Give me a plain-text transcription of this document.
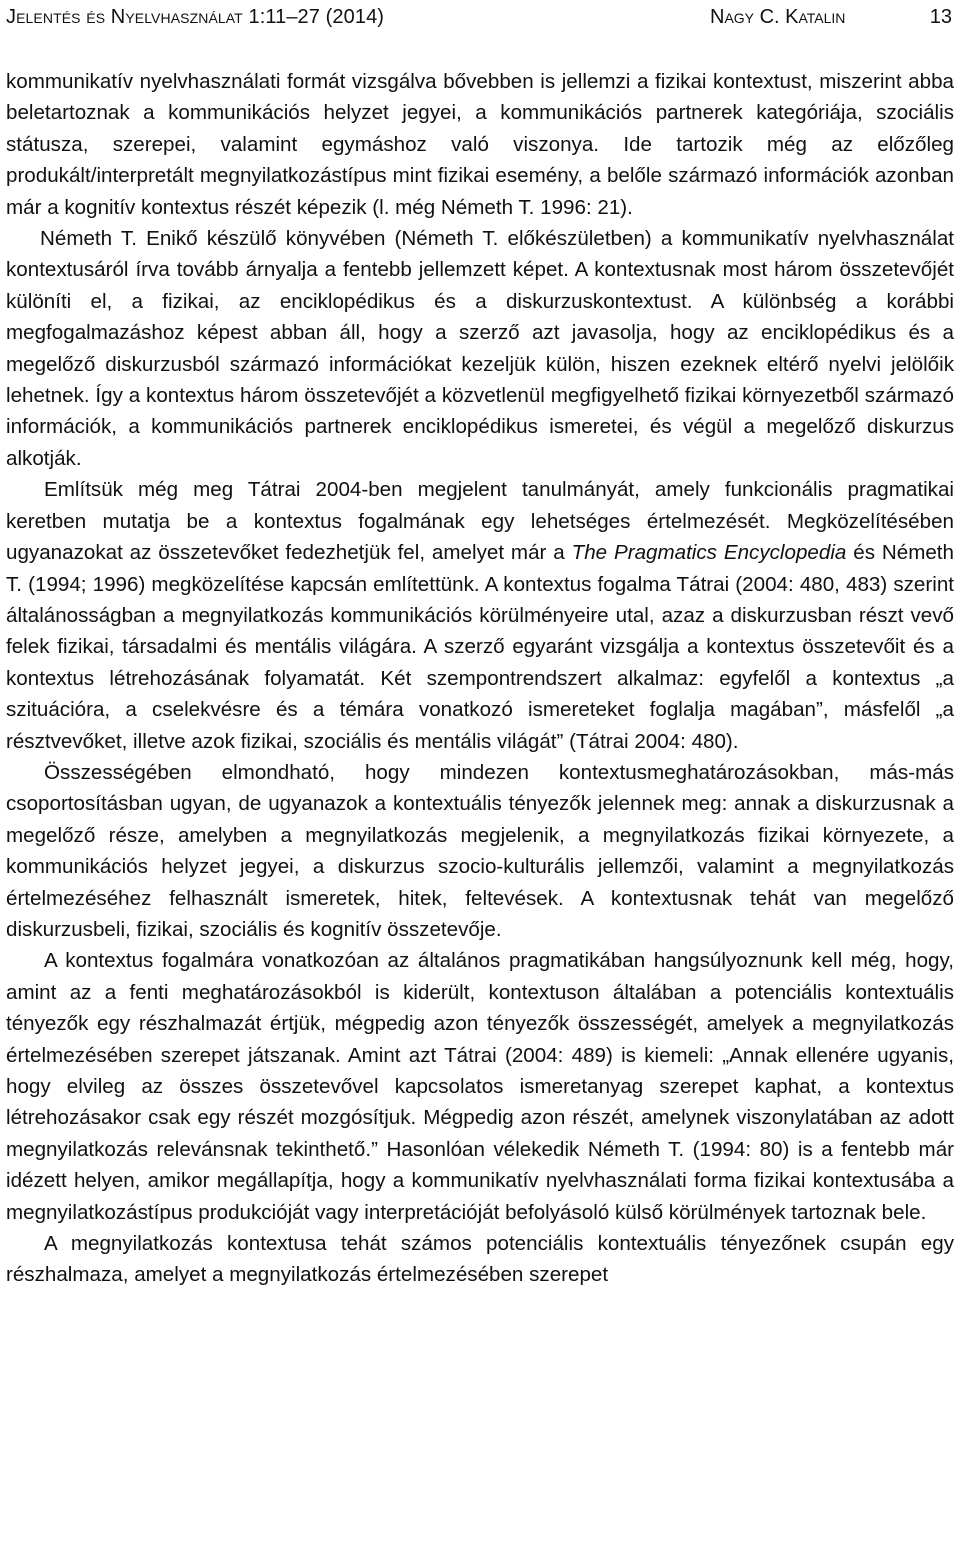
Jelentés és Nyelvhasználat 1:11–27 (2014)	Nagy C. Katalin	13

kommunikatív nyelvhasználati formát vizsgálva bővebben is jellemzi a fizikai kontextust, miszerint abba beletartoznak a kommunikációs helyzet jegyei, a kommunikációs partnerek kategóriája, szociális státusza, szerepei, valamint egymáshoz való viszonya. Ide tartozik még az előzőleg produkált/interpretált megnyilatkozástípus mint fizikai esemény, a belőle származó információk azonban már a kognitív kontextus részét képezik (l. még Németh T. 1996: 21).

Németh T. Enikő készülő könyvében (Németh T. előkészületben) a kommunikatív nyelvhasználat kontextusáról írva tovább árnyalja a fentebb jellemzett képet. A kontextusnak most három összetevőjét különíti el, a fizikai, az enciklopédikus és a diskurzuskontextust. A különbség a korábbi megfogalmazáshoz képest abban áll, hogy a szerző azt javasolja, hogy az enciklopédikus és a megelőző diskurzusból származó információkat kezeljük külön, hiszen ezeknek eltérő nyelvi jelölőik lehetnek. Így a kontextus három összetevőjét a közvetlenül megfigyelhető fizikai környezetből származó információk, a kommunikációs partnerek enciklopédikus ismeretei, és végül a megelőző diskurzus alkotják.

Említsük még meg Tátrai 2004-ben megjelent tanulmányát, amely funkcionális pragmatikai keretben mutatja be a kontextus fogalmának egy lehetséges értelmezését. Megközelítésében ugyanazokat az összetevőket fedezhetjük fel, amelyet már a The Pragmatics Encyclopedia és Németh T. (1994; 1996) megközelítése kapcsán említettünk. A kontextus fogalma Tátrai (2004: 480, 483) szerint általánosságban a megnyilatkozás kommunikációs körülményeire utal, azaz a diskurzusban részt vevő felek fizikai, társadalmi és mentális világára. A szerző egyaránt vizsgálja a kontextus összetevőit és a kontextus létrehozásának folyamatát. Két szempontrendszert alkalmaz: egyfelől a kontextus „a szituációra, a cselekvésre és a témára vonatkozó ismereteket foglalja magában”, másfelől „a résztvevőket, illetve azok fizikai, szociális és mentális világát” (Tátrai 2004: 480).

Összességében elmondható, hogy mindezen kontextusmeghatározásokban, más-más csoportosításban ugyan, de ugyanazok a kontextuális tényezők jelennek meg: annak a diskurzusnak a megelőző része, amelyben a megnyilatkozás megjelenik, a megnyilatkozás fizikai környezete, a kommunikációs helyzet jegyei, a diskurzus szocio-kulturális jellemzői, valamint a megnyilatkozás értelmezéséhez felhasznált ismeretek, hitek, feltevések. A kontextusnak tehát van megelőző diskurzusbeli, fizikai, szociális és kognitív összetevője.

A kontextus fogalmára vonatkozóan az általános pragmatikában hangsúlyoznunk kell még, hogy, amint az a fenti meghatározásokból is kiderült, kontextuson általában a potenciális kontextuális tényezők egy részhalmazát értjük, mégpedig azon tényezők összességét, amelyek a megnyilatkozás értelmezésében szerepet játszanak. Amint azt Tátrai (2004: 489) is kiemeli: „Annak ellenére ugyanis, hogy elvileg az összes összetevővel kapcsolatos ismeretanyag szerepet kaphat, a kontextus létrehozásakor csak egy részét mozgósítjuk. Mégpedig azon részét, amelynek viszonylatában az adott megnyilatkozás relevánsnak tekinthető.” Hasonlóan vélekedik Németh T. (1994: 80) is a fentebb már idézett helyen, amikor megállapítja, hogy a kommunikatív nyelvhasználati forma fizikai kontextusába a megnyilatkozástípus produkcióját vagy interpretációját befolyásoló külső körülmények tartoznak bele.

A megnyilatkozás kontextusa tehát számos potenciális kontextuális tényezőnek csupán egy részhalmaza, amelyet a megnyilatkozás értelmezésében szerepet
